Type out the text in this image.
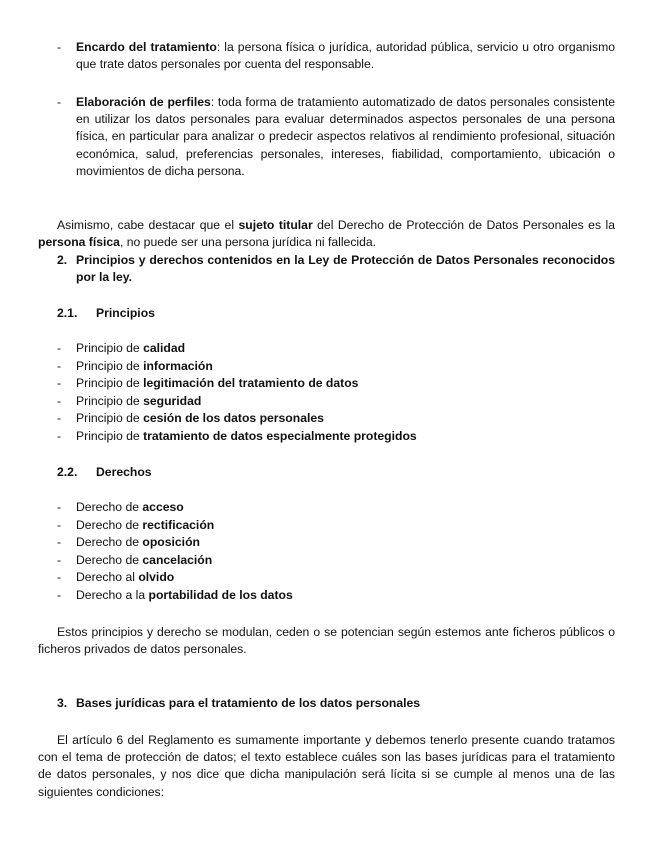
- Encardo del tratamiento: la persona física o jurídica, autoridad pública, servicio u otro organismo que trate datos personales por cuenta del responsable.
- Elaboración de perfiles: toda forma de tratamiento automatizado de datos personales consistente en utilizar los datos personales para evaluar determinados aspectos personales de una persona física, en particular para analizar o predecir aspectos relativos al rendimiento profesional, situación económica, salud, preferencias personales, intereses, fiabilidad, comportamiento, ubicación o movimientos de dicha persona.
Asimismo, cabe destacar que el sujeto titular del Derecho de Protección de Datos Personales es la persona física, no puede ser una persona jurídica ni fallecida.
2. Principios y derechos contenidos en la Ley de Protección de Datos Personales reconocidos por la ley.
2.1. Principios
- Principio de calidad
- Principio de información
- Principio de legitimación del tratamiento de datos
- Principio de seguridad
- Principio de cesión de los datos personales
- Principio de tratamiento de datos especialmente protegidos
2.2. Derechos
- Derecho de acceso
- Derecho de rectificación
- Derecho de oposición
- Derecho de cancelación
- Derecho al olvido
- Derecho a la portabilidad de los datos
Estos principios y derecho se modulan, ceden o se potencian según estemos ante ficheros públicos o ficheros privados de datos personales.
3. Bases jurídicas para el tratamiento de los datos personales
El artículo 6 del Reglamento es sumamente importante y debemos tenerlo presente cuando tratamos con el tema de protección de datos; el texto establece cuáles son las bases jurídicas para el tratamiento de datos personales, y nos dice que dicha manipulación será lícita si se cumple al menos una de las siguientes condiciones:
